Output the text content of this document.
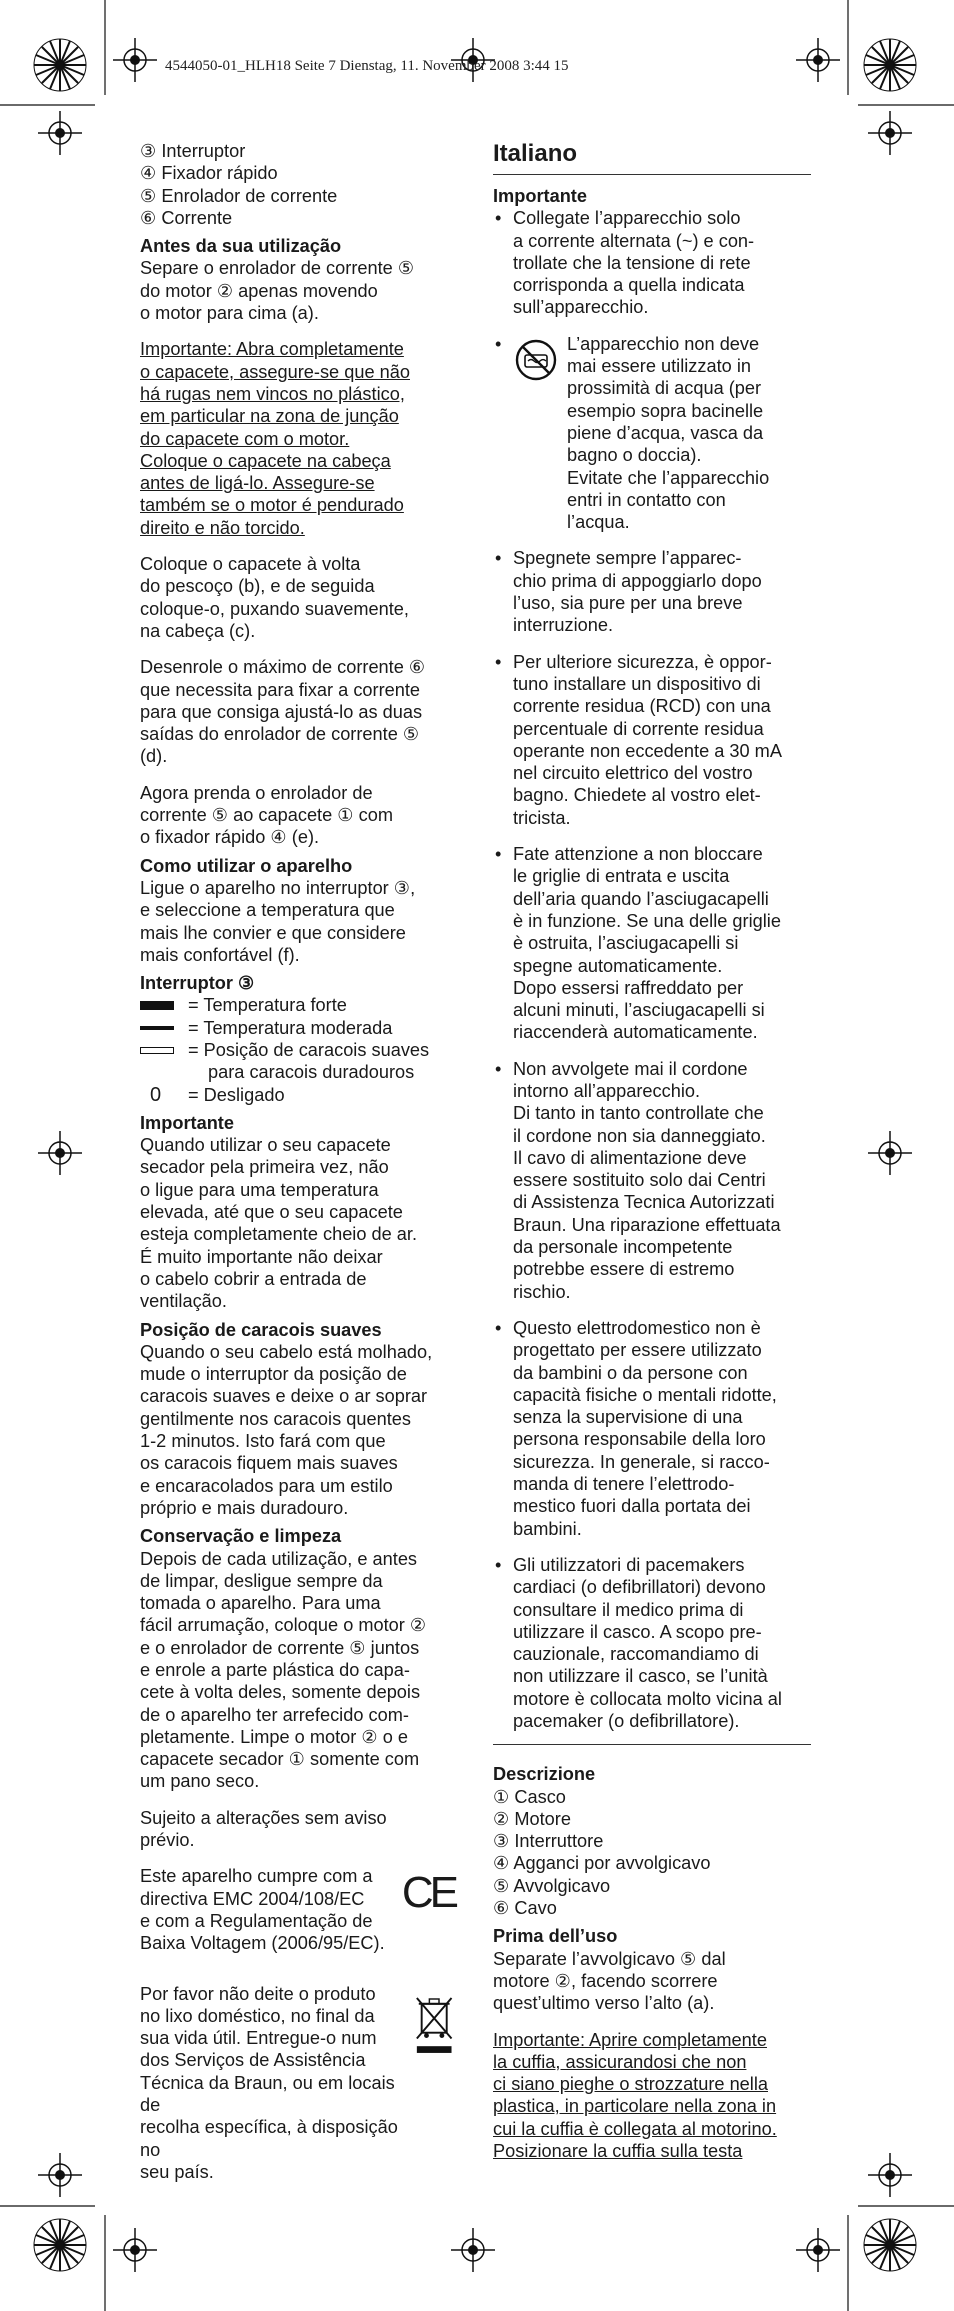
4544050-01_HLH18 Seite 7 Dienstag, 11. November 2008 3:44 15

③ Interruptor

④ Fixador rápido

⑤ Enrolador de corrente

⑥ Corrente

Antes da sua utilização

Separe o enrolador de corrente ⑤

do motor ② apenas movendo

o motor para cima (a).

Importante: Abra completamente

o capacete, assegure-se que não

há rugas nem vincos no plástico,

em particular na zona de junção

do capacete com o motor.

Coloque o capacete na cabeça

antes de ligá-lo. Assegure-se

também se o motor é pendurado

direito e não torcido.

Coloque o capacete à volta

do pescoço (b), e de seguida

coloque-o, puxando suavemente,

na cabeça (c).

Desenrole o máximo de corrente ⑥

que necessita para fixar a corrente

para que consiga ajustá-lo as duas

saídas do enrolador de corrente ⑤

(d).

Agora prenda o enrolador de

corrente ⑤ ao capacete ① com

o fixador rápido ④ (e).

Como utilizar o aparelho

Ligue o aparelho no interruptor ③,

e seleccione a temperatura que

mais lhe convier e que considere

mais confortável (f).

Interruptor ③

= Temperatura forte
= Temperatura moderada
= Posição de caracois suaves

para caracois duradouros

0 = Desligado

Importante

Quando utilizar o seu capacete

secador pela primeira vez, não

o ligue para uma temperatura

elevada, até que o seu capacete

esteja completamente cheio de ar.

É muito importante não deixar

o cabelo cobrir a entrada de

ventilação.

Posição de caracois suaves

Quando o seu cabelo está molhado,

mude o interruptor da posição de

caracois suaves e deixe o ar soprar

gentilmente nos caracois quentes

1-2 minutos. Isto fará com que

os caracois fiquem mais suaves

e encaracolados para um estilo

próprio e mais duradouro.

Conservação e limpeza

Depois de cada utilização, e antes

de limpar, desligue sempre da

tomada o aparelho. Para uma

fácil arrumação, coloque o motor ②

e o enrolador de corrente ⑤ juntos

e enrole a parte plástica do capa-

cete à volta deles, somente depois

de o aparelho ter arrefecido com-

pletamente. Limpe o motor ② o e

capacete secador ① somente com

um pano seco.

Sujeito a alterações sem aviso

prévio.

Este aparelho cumpre com a

directiva EMC 2004/108/EC

e com a Regulamentação de

Baixa Voltagem (2006/95/EC).

CE

Por favor não deite o produto

no lixo doméstico, no final da

sua vida útil. Entregue-o num

dos Serviços de Assistência

Técnica da Braun, ou em locais de

recolha específica, à disposição no

seu país.

Italiano

Importante

• Collegate l’apparecchio solo

a corrente alternata (~) e con-

trollate che la tensione di rete

corrisponda a quella indicata

sull’apparecchio.

• L’apparecchio non deve

mai essere utilizzato in

prossimità di acqua (per

esempio sopra bacinelle

piene d’acqua, vasca da

bagno o doccia).

Evitate che l’apparecchio

entri in contatto con

l’acqua.

• Spegnete sempre l’apparec-

chio prima di appoggiarlo dopo

l’uso, sia pure per una breve

interruzione.

• Per ulteriore sicurezza, è oppor-

tuno installare un dispositivo di

corrente residua (RCD) con una

percentuale di corrente residua

operante non eccedente a 30 mA

nel circuito elettrico del vostro

bagno. Chiedete al vostro elet-

tricista.

• Fate attenzione a non bloccare

le griglie di entrata e uscita

dell’aria quando l’asciugacapelli

è in funzione. Se una delle griglie

è ostruita, l’asciugacapelli si

spegne automaticamente.

Dopo essersi raffreddato per

alcuni minuti, l’asciugacapelli si

riaccenderà automaticamente.

• Non avvolgete mai il cordone

intorno all’apparecchio.

Di tanto in tanto controllate che

il cordone non sia danneggiato.

Il cavo di alimentazione deve

essere sostituito solo dai Centri

di Assistenza Tecnica Autorizzati

Braun. Una riparazione effettuata

da personale incompetente

potrebbe essere di estremo

rischio.

• Questo elettrodomestico non è

progettato per essere utilizzato

da bambini o da persone con

capacità fisiche o mentali ridotte,

senza la supervisione di una

persona responsabile della loro

sicurezza. In generale, si racco-

manda di tenere l’elettrodo-

mestico fuori dalla portata dei

bambini.

• Gli utilizzatori di pacemakers

cardiaci (o defibrillatori) devono

consultare il medico prima di

utilizzare il casco. A scopo pre-

cauzionale, raccomandiamo di

non utilizzare il casco, se l’unità

motore è collocata molto vicina al

pacemaker (o defibrillatore).

Descrizione

① Casco

② Motore

③ Interruttore

④ Agganci por avvolgicavo

⑤ Avvolgicavo

⑥ Cavo

Prima dell’uso

Separate l’avvolgicavo ⑤ dal

motore ②, facendo scorrere

quest’ultimo verso l’alto (a).

Importante: Aprire completamente

la cuffia, assicurandosi che non

ci siano pieghe o strozzature nella

plastica, in particolare nella zona in

cui la cuffia è collegata al motorino.

Posizionare la cuffia sulla testa
